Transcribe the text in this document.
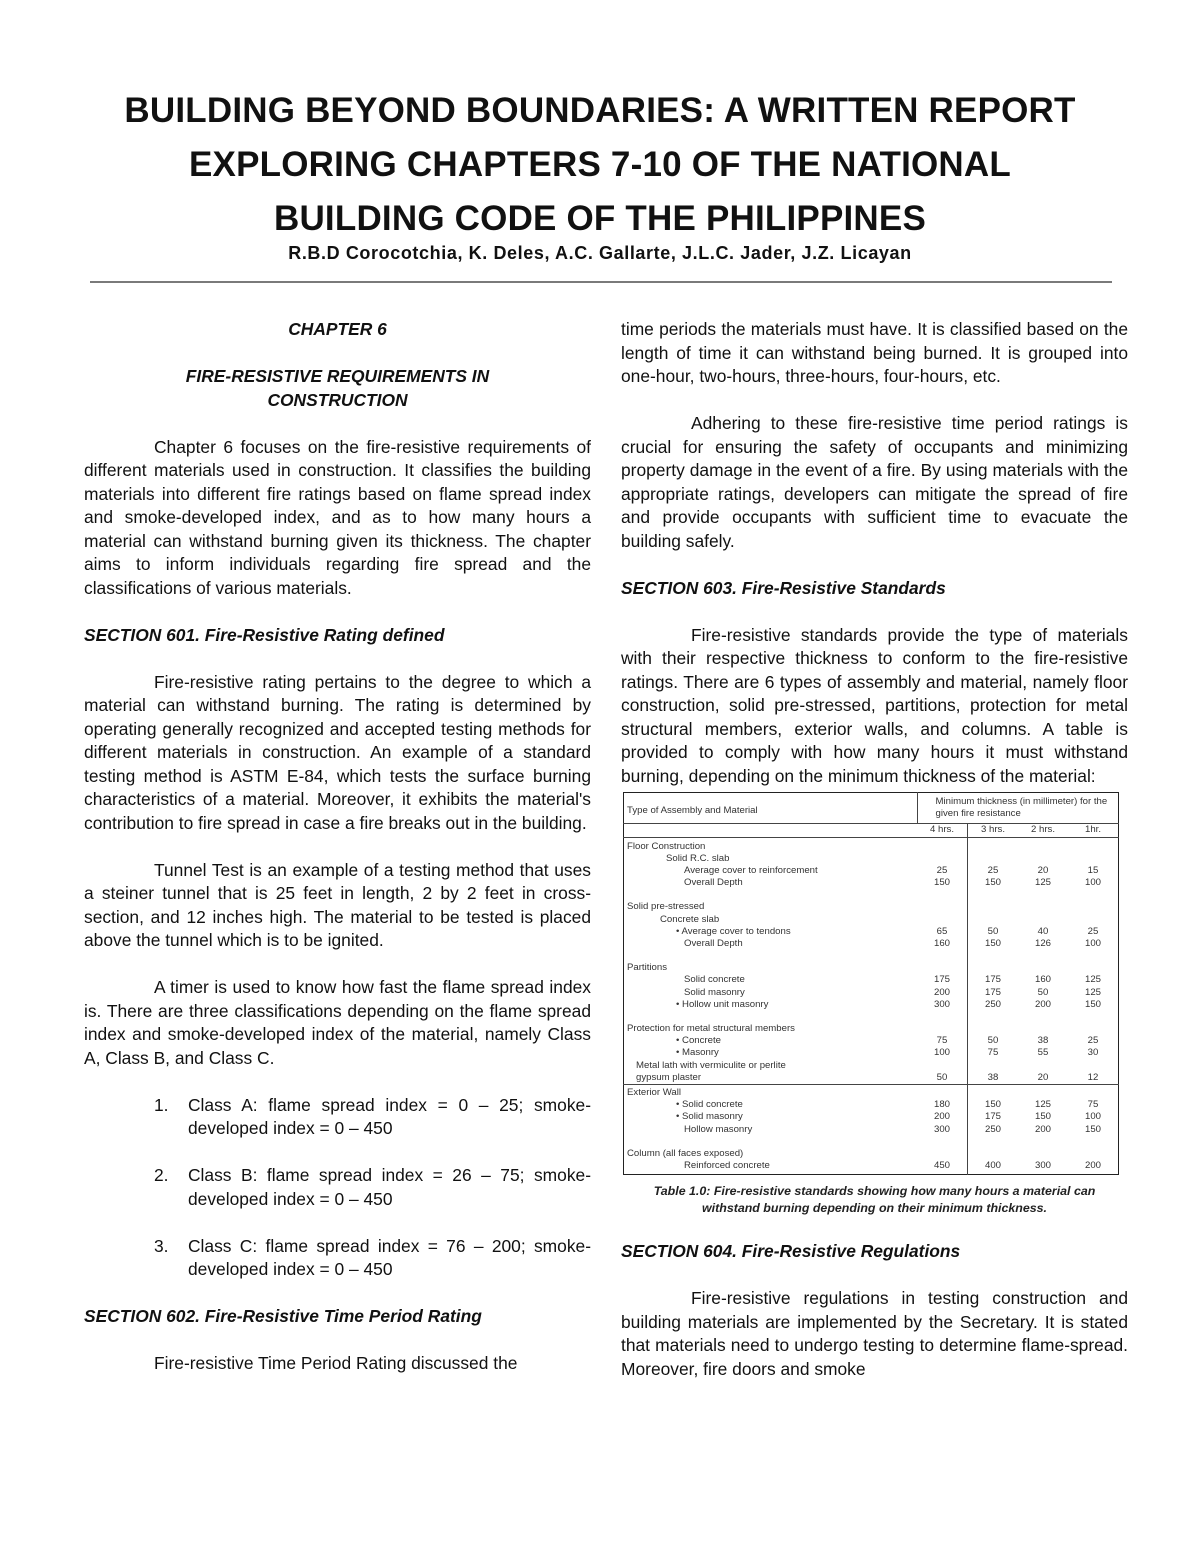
BUILDING BEYOND BOUNDARIES: A WRITTEN REPORT
EXPLORING CHAPTERS 7-10 OF THE NATIONAL
BUILDING CODE OF THE PHILIPPINES

R.B.D Corocotchia, K. Deles, A.C. Gallarte, J.L.C. Jader, J.Z. Licayan

CHAPTER 6
FIRE-RESISTIVE REQUIREMENTS IN
CONSTRUCTION

Chapter 6 focuses on the fire-resistive requirements of different materials used in construction. It classifies the building materials into different fire ratings based on flame spread index and smoke-developed index, and as to how many hours a material can withstand burning given its thickness. The chapter aims to inform individuals regarding fire spread and the classifications of various materials.

SECTION 601. Fire-Resistive Rating defined

Fire-resistive rating pertains to the degree to which a material can withstand burning. The rating is determined by operating generally recognized and accepted testing methods for different materials in construction. An example of a standard testing method is ASTM E-84, which tests the surface burning characteristics of a material. Moreover, it exhibits the material's contribution to fire spread in case a fire breaks out in the building.

Tunnel Test is an example of a testing method that uses a steiner tunnel that is 25 feet in length, 2 by 2 feet in cross-section, and 12 inches high. The material to be tested is placed above the tunnel which is to be ignited.

A timer is used to know how fast the flame spread index is. There are three classifications depending on the flame spread index and smoke-developed index of the material, namely Class A, Class B, and Class C.

1. Class A: flame spread index = 0 – 25; smoke-developed index = 0 – 450
2. Class B: flame spread index = 26 – 75; smoke-developed index = 0 – 450
3. Class C: flame spread index = 76 – 200; smoke-developed index = 0 – 450

SECTION 602. Fire-Resistive Time Period Rating

Fire-resistive Time Period Rating discussed the

time periods the materials must have. It is classified based on the length of time it can withstand being burned. It is grouped into one-hour, two-hours, three-hours, four-hours, etc.

Adhering to these fire-resistive time period ratings is crucial for ensuring the safety of occupants and minimizing property damage in the event of a fire. By using materials with the appropriate ratings, developers can mitigate the spread of fire and provide occupants with sufficient time to evacuate the building safely.

SECTION 603. Fire-Resistive Standards

Fire-resistive standards provide the type of materials with their respective thickness to conform to the fire-resistive ratings. There are 6 types of assembly and material, namely floor construction, solid pre-stressed, partitions, protection for metal structural members, exterior walls, and columns. A table is provided to comply with how many hours it must withstand burning, depending on the minimum thickness of the material:

Type of Assembly and Material	Minimum thickness (in millimeter) for the given fire resistance			
	4 hrs.	3 hrs.	2 hrs.	1hr.
Floor Construction				
Solid R.C. slab				
Average cover to reinforcement	25	25	20	15
Overall Depth	150	150	125	100
Solid pre-stressed				
Concrete slab				
• Average cover to tendons	65	50	40	25
Overall Depth	160	150	126	100
Partitions				
Solid concrete	175	175	160	125
Solid masonry	200	175	50	125
• Hollow unit masonry	300	250	200	150
Protection for metal structural members				
• Concrete	75	50	38	25
• Masonry	100	75	55	30
Metal lath with vermiculite or perlite				
gypsum plaster	50	38	20	12
Exterior Wall				
• Solid concrete	180	150	125	75
• Solid masonry	200	175	150	100
Hollow masonry	300	250	200	150
Column (all faces exposed)				
Reinforced concrete	450	400	300	200
Table 1.0: Fire-resistive standards showing how many hours a material can
withstand burning depending on their minimum thickness.

SECTION 604. Fire-Resistive Regulations

Fire-resistive regulations in testing construction and building materials are implemented by the Secretary. It is stated that materials need to undergo testing to determine flame-spread. Moreover, fire doors and smoke
